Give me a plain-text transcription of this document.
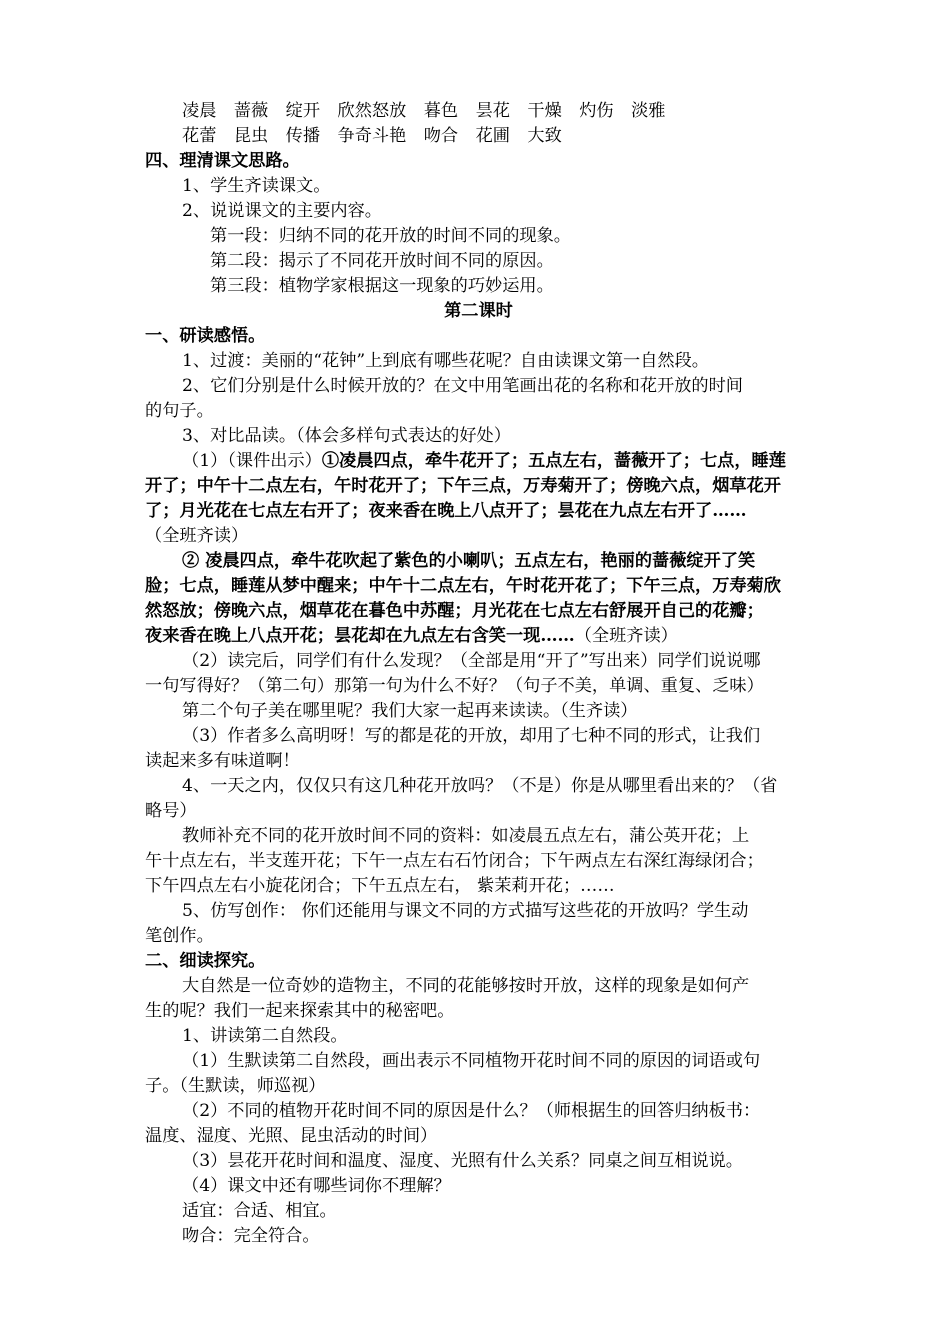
凌晨 蔷薇 绽开 欣然怒放 暮色 昙花 干燥 灼伤 淡雅
花蕾 昆虫 传播 争奇斗艳 吻合 花圃 大致
四、理清课文思路。
1、学生齐读课文。
2、说说课文的主要内容。
第一段：归纳不同的花开放的时间不同的现象。
第二段：揭示了不同花开放时间不同的原因。
第三段：植物学家根据这一现象的巧妙运用。
第二课时
一、研读感悟。
1、过渡：美丽的“花钟”上到底有哪些花呢？自由读课文第一自然段。
2、它们分别是什么时候开放的？在文中用笔画出花的名称和花开放的时间
的句子。
3、对比品读。（体会多样句式表达的好处）
（1）（课件出示）①凌晨四点，牵牛花开了；五点左右，蔷薇开了；七点，睡莲
开了；中午十二点左右，午时花开了；下午三点，万寿菊开了；傍晚六点，烟草花开
了；月光花在七点左右开了；夜来香在晚上八点开了；昙花在九点左右开了……
（全班齐读）
② 凌晨四点，牵牛花吹起了紫色的小喇叭；五点左右，艳丽的蔷薇绽开了笑
脸；七点，睡莲从梦中醒来；中午十二点左右，午时花开花了；下午三点，万寿菊欣
然怒放；傍晚六点，烟草花在暮色中苏醒；月光花在七点左右舒展开自己的花瓣；
夜来香在晚上八点开花；昙花却在九点左右含笑一现……（全班齐读）
（2）读完后，同学们有什么发现？（全部是用“开了”写出来）同学们说说哪
一句写得好？（第二句）那第一句为什么不好？（句子不美，单调、重复、乏味）
第二个句子美在哪里呢？我们大家一起再来读读。（生齐读）
（3）作者多么高明呀！写的都是花的开放，却用了七种不同的形式，让我们
读起来多有味道啊！
4、一天之内，仅仅只有这几种花开放吗？（不是）你是从哪里看出来的？（省
略号）
教师补充不同的花开放时间不同的资料：如凌晨五点左右，蒲公英开花；上
午十点左右，半支莲开花；下午一点左右石竹闭合；下午两点左右深红海绿闭合；
下午四点左右小旋花闭合；下午五点左右， 紫茉莉开花；……
5、仿写创作： 你们还能用与课文不同的方式描写这些花的开放吗？学生动
笔创作。
二、细读探究。
大自然是一位奇妙的造物主，不同的花能够按时开放，这样的现象是如何产
生的呢？我们一起来探索其中的秘密吧。
1、讲读第二自然段。
（1）生默读第二自然段，画出表示不同植物开花时间不同的原因的词语或句
子。（生默读，师巡视）
（2）不同的植物开花时间不同的原因是什么？（师根据生的回答归纳板书：
温度、湿度、光照、昆虫活动的时间）
（3）昙花开花时间和温度、湿度、光照有什么关系？同桌之间互相说说。
（4）课文中还有哪些词你不理解？
适宜：合适、相宜。
吻合：完全符合。
